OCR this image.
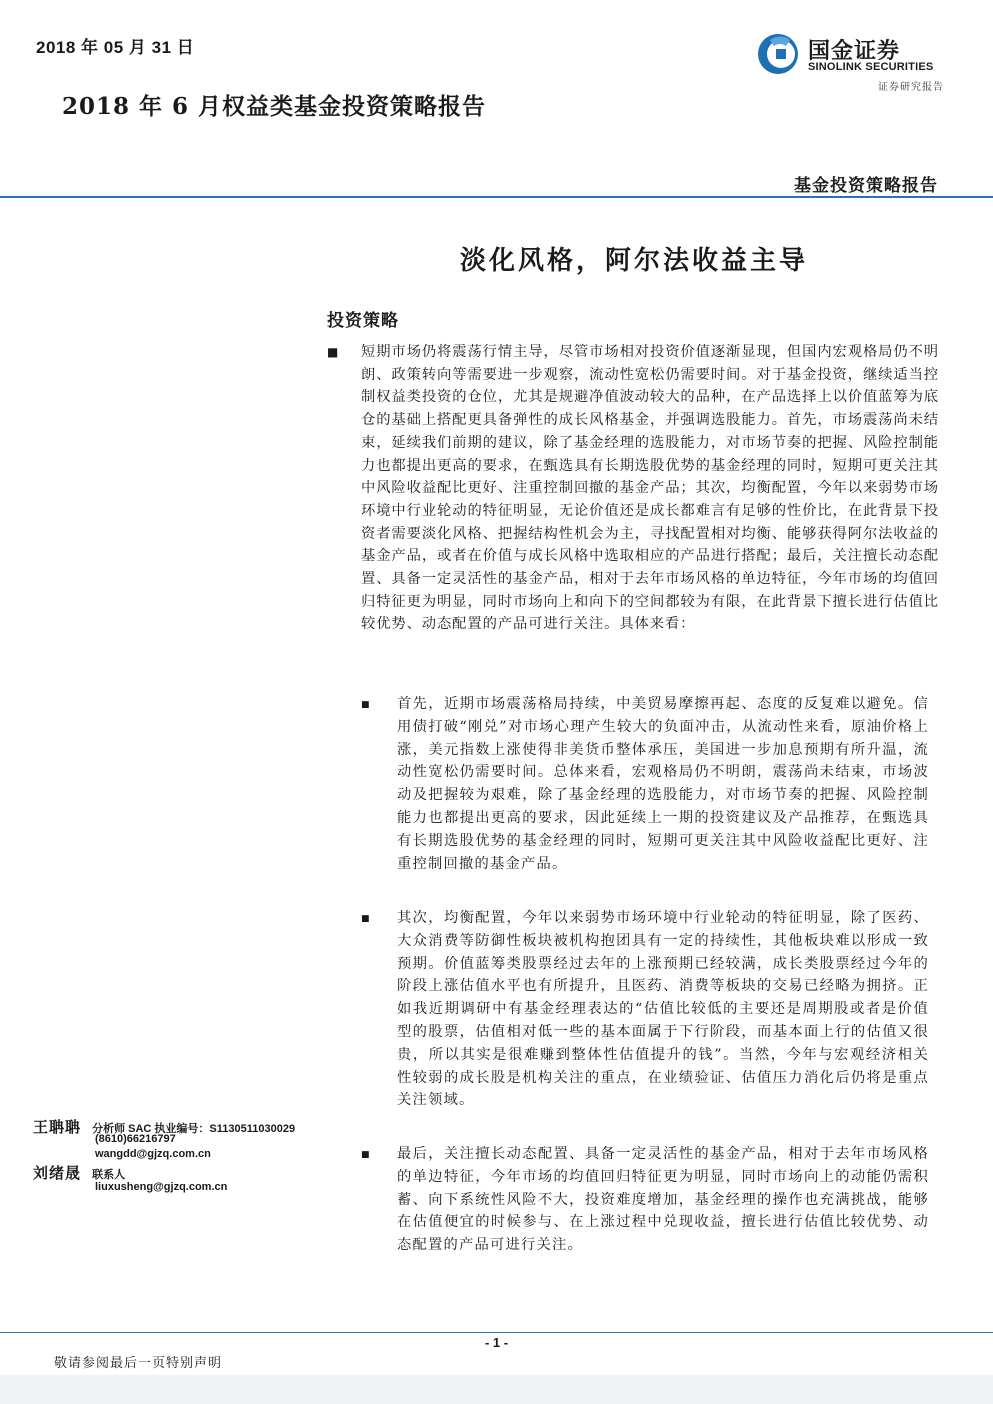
2018 年 05 月 31 日
2018 年 6 月权益类基金投资策略报告
国金证券
SINOLINK SECURITIES
证券研究报告
基金投资策略报告
淡化风格，阿尔法收益主导
投资策略
■ 短期市场仍将震荡行情主导，尽管市场相对投资价值逐渐显现，但国内宏观格局仍不明朗、政策转向等需要进一步观察，流动性宽松仍需要时间。对于基金投资，继续适当控制权益类投资的仓位，尤其是规避净值波动较大的品种，在产品选择上以价值蓝筹为底仓的基础上搭配更具备弹性的成长风格基金，并强调选股能力。首先，市场震荡尚未结束，延续我们前期的建议，除了基金经理的选股能力，对市场节奏的把握、风险控制能力也都提出更高的要求，在甄选具有长期选股优势的基金经理的同时，短期可更关注其中风险收益配比更好、注重控制回撤的基金产品；其次，均衡配置，今年以来弱势市场环境中行业轮动的特征明显，无论价值还是成长都难言有足够的性价比，在此背景下投资者需要淡化风格、把握结构性机会为主，寻找配置相对均衡、能够获得阿尔法收益的基金产品，或者在价值与成长风格中选取相应的产品进行搭配；最后，关注擅长动态配置、具备一定灵活性的基金产品，相对于去年市场风格的单边特征，今年市场的均值回归特征更为明显，同时市场向上和向下的空间都较为有限，在此背景下擅长进行估值比较优势、动态配置的产品可进行关注。具体来看：
■ 首先，近期市场震荡格局持续，中美贸易摩擦再起、态度的反复难以避免。信用债打破“刚兑”对市场心理产生较大的负面冲击，从流动性来看，原油价格上涨，美元指数上涨使得非美货币整体承压，美国进一步加息预期有所升温，流动性宽松仍需要时间。总体来看，宏观格局仍不明朗，震荡尚未结束，市场波动及把握较为艰难，除了基金经理的选股能力，对市场节奏的把握、风险控制能力也都提出更高的要求，因此延续上一期的投资建议及产品推荐，在甄选具有长期选股优势的基金经理的同时，短期可更关注其中风险收益配比更好、注重控制回撤的基金产品。
■ 其次，均衡配置，今年以来弱势市场环境中行业轮动的特征明显，除了医药、大众消费等防御性板块被机构抱团具有一定的持续性，其他板块难以形成一致预期。价值蓝筹类股票经过去年的上涨预期已经较满，成长类股票经过今年的阶段上涨估值水平也有所提升，且医药、消费等板块的交易已经略为拥挤。正如我近期调研中有基金经理表达的“估值比较低的主要还是周期股或者是价值型的股票，估值相对低一些的基本面属于下行阶段，而基本面上行的估值又很贵，所以其实是很难赚到整体性估值提升的钱”。当然，今年与宏观经济相关性较弱的成长股是机构关注的重点，在业绩验证、估值压力消化后仍将是重点关注领域。
■ 最后，关注擅长动态配置、具备一定灵活性的基金产品，相对于去年市场风格的单边特征，今年市场的均值回归特征更为明显，同时市场向上的动能仍需积蓄、向下系统性风险不大，投资难度增加，基金经理的操作也充满挑战，能够在估值便宜的时候参与、在上涨过程中兑现收益，擅长进行估值比较优势、动态配置的产品可进行关注。
王聃聃 分析师 SAC 执业编号：S1130511030029
(8610)66216797
wangdd@gjzq.com.cn
刘绪晟 联系人
liuxusheng@gjzq.com.cn
- 1 -
敬请参阅最后一页特别声明
